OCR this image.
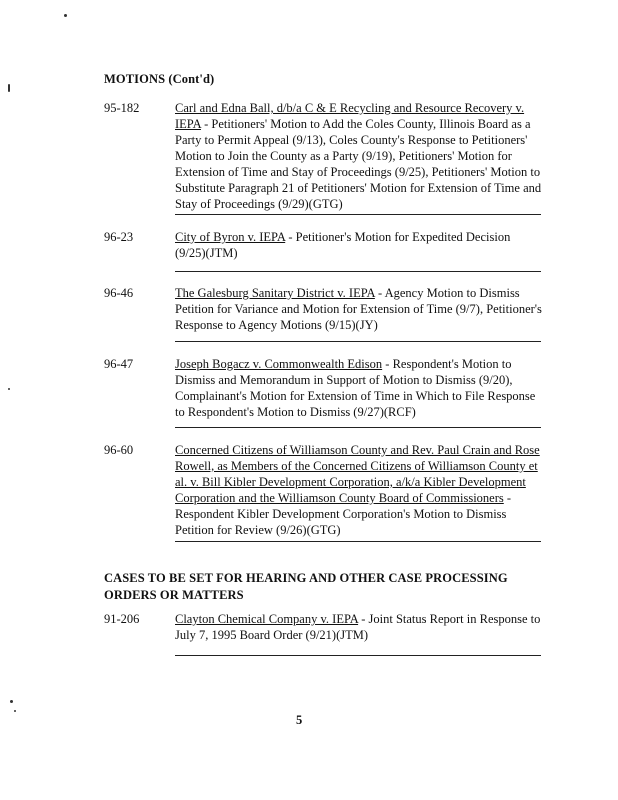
MOTIONS (Cont'd)
95-182	Carl and Edna Ball, d/b/a C & E Recycling and Resource Recovery v. IEPA - Petitioners' Motion to Add the Coles County, Illinois Board as a Party to Permit Appeal (9/13), Coles County's Response to Petitioners' Motion to Join the County as a Party (9/19), Petitioners' Motion for Extension of Time and Stay of Proceedings (9/25), Petitioners' Motion to Substitute Paragraph 21 of Petitioners' Motion for Extension of Time and Stay of Proceedings (9/29)(GTG)
96-23	City of Byron v. IEPA - Petitioner's Motion for Expedited Decision (9/25)(JTM)
96-46	The Galesburg Sanitary District v. IEPA - Agency Motion to Dismiss Petition for Variance and Motion for Extension of Time (9/7), Petitioner's Response to Agency Motions (9/15)(JY)
96-47	Joseph Bogacz v. Commonwealth Edison - Respondent's Motion to Dismiss and Memorandum in Support of Motion to Dismiss (9/20), Complainant's Motion for Extension of Time in Which to File Response to Respondent's Motion to Dismiss (9/27)(RCF)
96-60	Concerned Citizens of Williamson County and Rev. Paul Crain and Rose Rowell, as Members of the Concerned Citizens of Williamson County et al. v. Bill Kibler Development Corporation, a/k/a Kibler Development Corporation and the Williamson County Board of Commissioners - Respondent Kibler Development Corporation's Motion to Dismiss Petition for Review (9/26)(GTG)
CASES TO BE SET FOR HEARING AND OTHER CASE PROCESSING
ORDERS OR MATTERS
91-206	Clayton Chemical Company v. IEPA - Joint Status Report in Response to July 7, 1995 Board Order (9/21)(JTM)
5
